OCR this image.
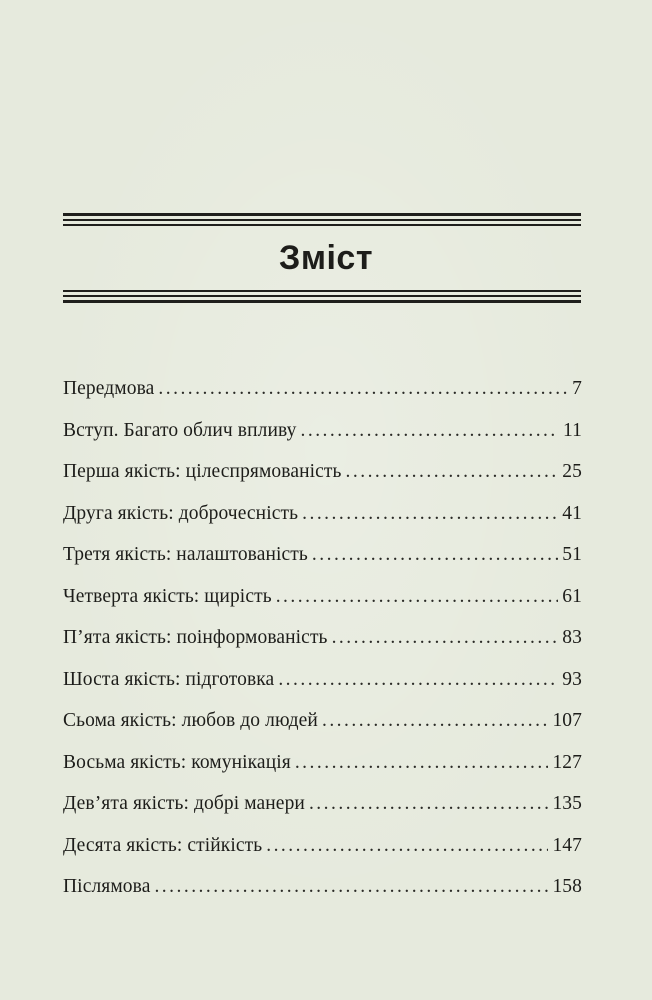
Зміст
Передмова . . .	7
Вступ. Багато облич впливу . . .	11
Перша якість: цілеспрямованість . . .	25
Друга якість: доброчесність . . .	41
Третя якість: налаштованість . . .	51
Четверта якість: щирість . . .	61
П’ята якість: поінформованість . . .	83
Шоста якість: підготовка . . .	93
Сьома якість: любов до людей . . .	107
Восьма якість: комунікація . . .	127
Дев’ята якість: добрі манери . . .	135
Десята якість: стійкість . . .	147
Післямова . . .	158
